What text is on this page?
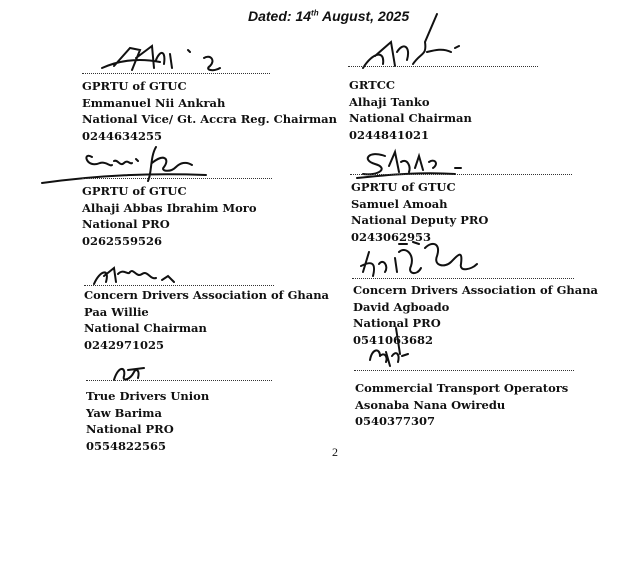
Dated: 14th August, 2025
GPRTU of GTUC
Emmanuel Nii Ankrah
National Vice/ Gt. Accra Reg. Chairman
0244634255
GRTCC
Alhaji Tanko
National Chairman
0244841021
GPRTU of GTUC
Alhaji Abbas Ibrahim Moro
National PRO
0262559526
GPRTU of GTUC
Samuel Amoah
National Deputy PRO
0243062953
Concern Drivers Association of Ghana
Paa Willie
National Chairman
0242971025
Concern Drivers Association of Ghana
David Agboado
National PRO
0541063682
True Drivers Union
Yaw Barima
National PRO
0554822565
Commercial Transport Operators
Asonaba Nana Owiredu
0540377307
2
